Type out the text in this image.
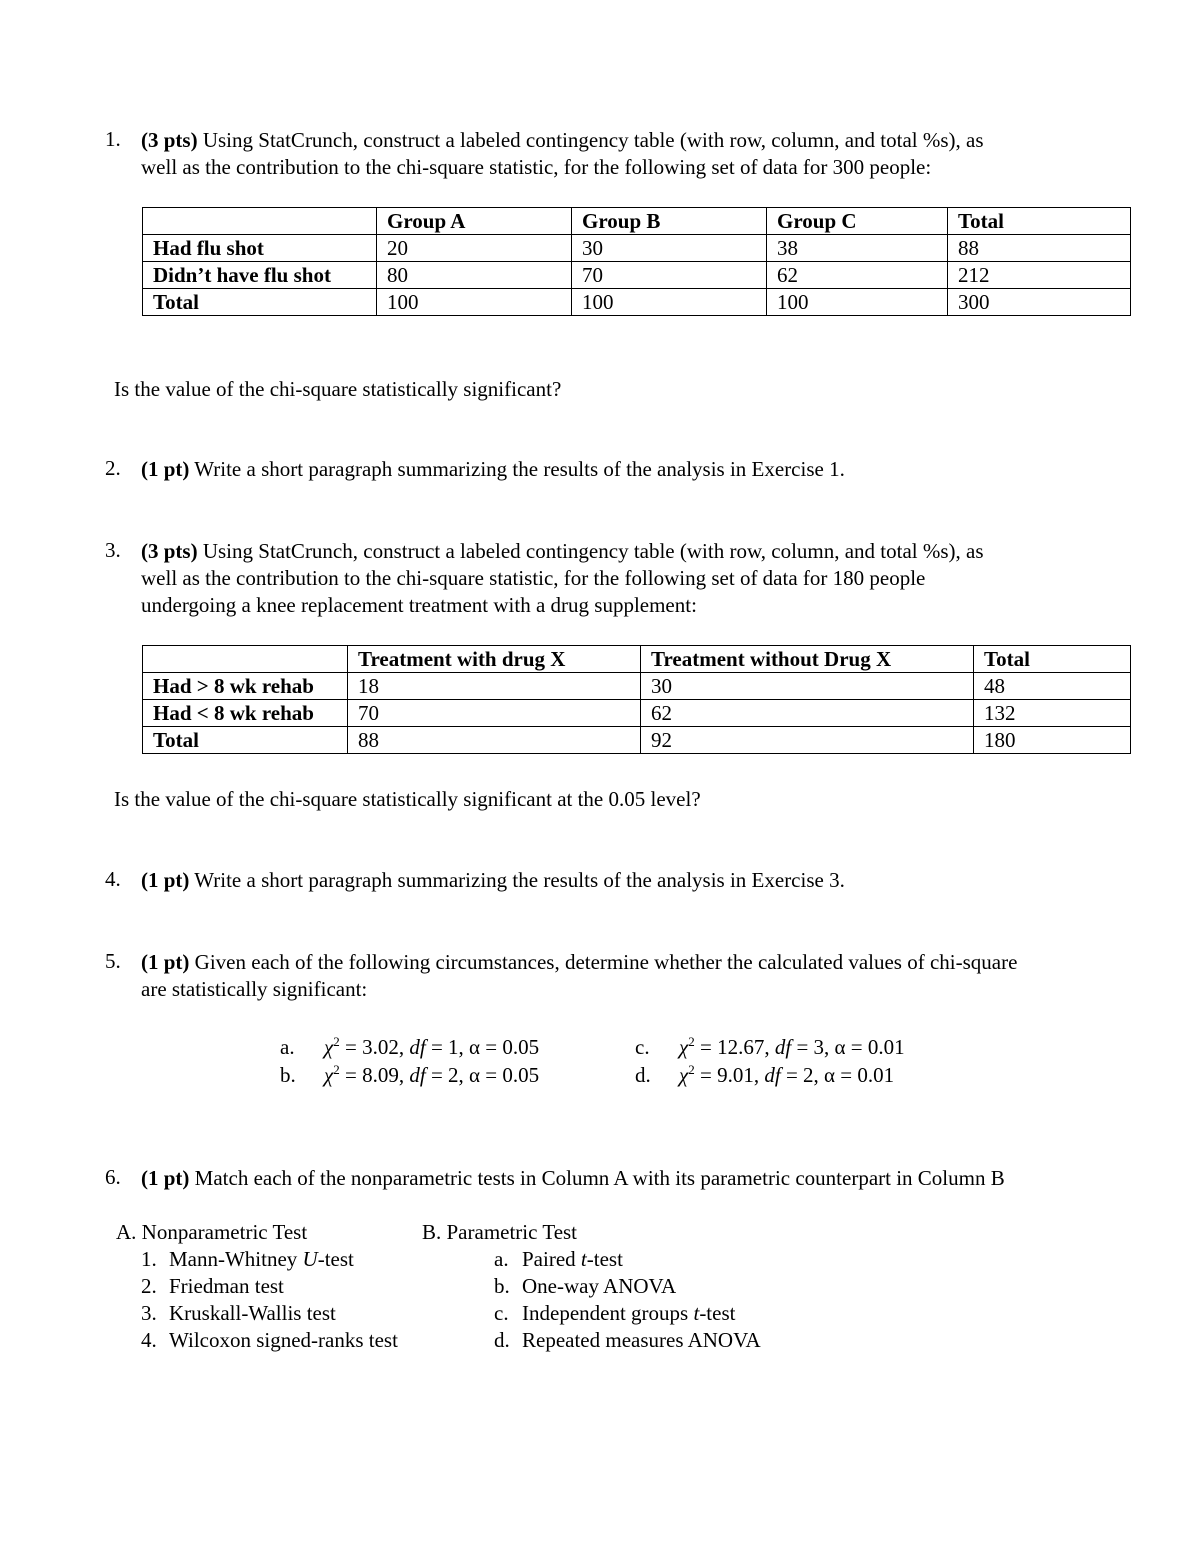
1. (3 pts) Using StatCrunch, construct a labeled contingency table (with row, column, and total %s), as
well as the contribution to the chi-square statistic, for the following set of data for 300 people:
	Group A	Group B	Group C	Total
Had flu shot	20	30	38	88
Didn’t have flu shot	80	70	62	212
Total	100	100	100	300
Is the value of the chi-square statistically significant?
2. (1 pt) Write a short paragraph summarizing the results of the analysis in Exercise 1.
3. (3 pts) Using StatCrunch, construct a labeled contingency table (with row, column, and total %s), as
well as the contribution to the chi-square statistic, for the following set of data for 180 people
undergoing a knee replacement treatment with a drug supplement:
	Treatment with drug X	Treatment without Drug X	Total
Had > 8 wk rehab	18	30	48
Had < 8 wk rehab	70	62	132
Total	88	92	180
Is the value of the chi-square statistically significant at the 0.05 level?
4. (1 pt) Write a short paragraph summarizing the results of the analysis in Exercise 3.
5. (1 pt) Given each of the following circumstances, determine whether the calculated values of chi-square
are statistically significant:
a. $\chi^2 = 3.02$, df = 1, α = 0.05
b. $\chi^2 = 8.09$, df = 2, α = 0.05
c. $\chi^2 = 12.67$, df = 3, α = 0.01
d. $\chi^2 = 9.01$, df = 2, α = 0.01
6. (1 pt) Match each of the nonparametric tests in Column A with its parametric counterpart in Column B
A. Nonparametric Test	B. Parametric Test
1. Mann-Whitney U-test
2. Friedman test
3. Kruskall-Wallis test
4. Wilcoxon signed-ranks test
a. Paired t-test
b. One-way ANOVA
c. Independent groups t-test
d. Repeated measures ANOVA
